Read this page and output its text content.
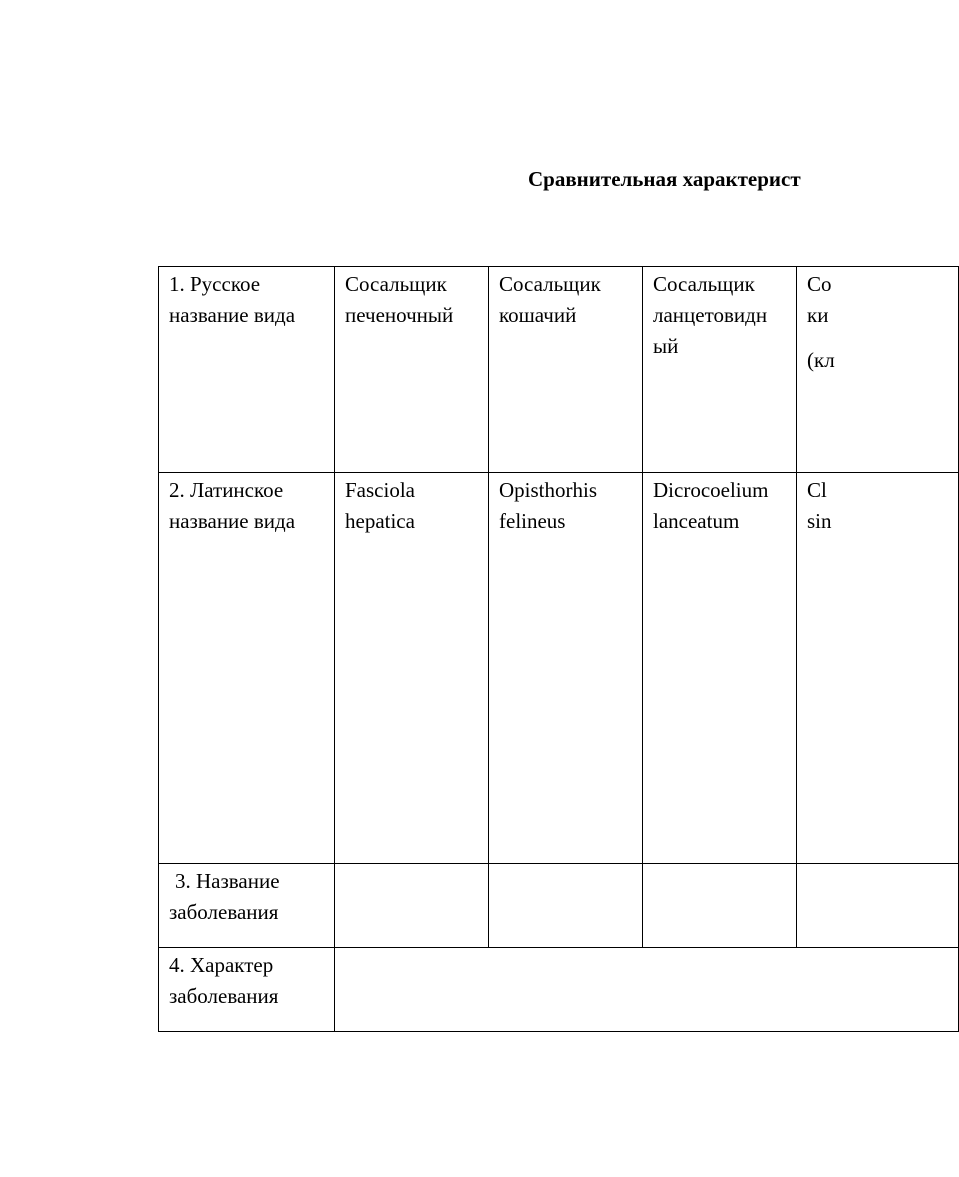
Сравнительная характерист
1. Русское название вида	Сосальщик печеночный	Сосальщик кошачий	Сосальщик ланцетовидн ый	Со
ки
(кл
2. Латинское название вида	Fasciola hepatica	Opisthorhis felineus	Dicrocoelium lanceatum	Cl
sin
3. Название заболевания				
4. Характер заболевания				
